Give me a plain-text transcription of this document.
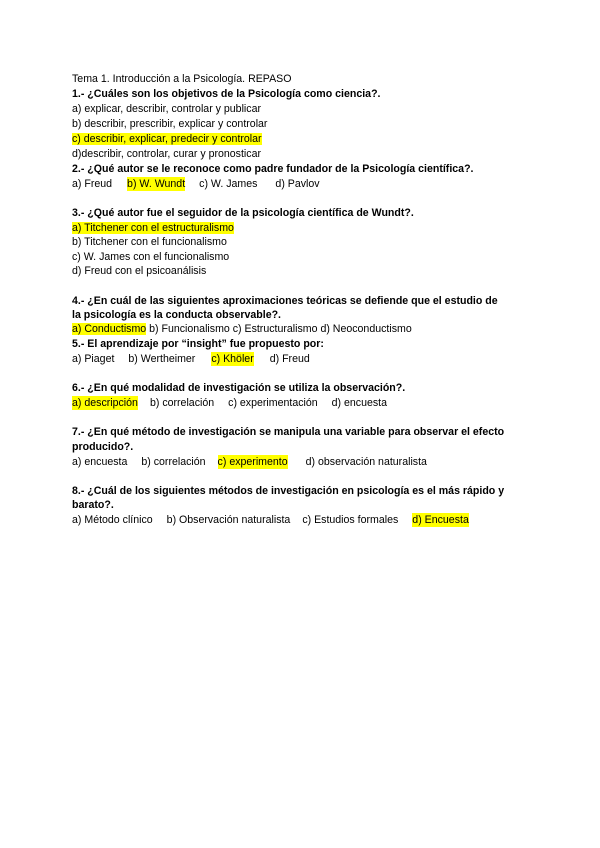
Tema 1. Introducción a la Psicología. REPASO
1.- ¿Cuáles son los objetivos de la Psicología como ciencia?.
a) explicar, describir, controlar y publicar
b) describir, prescribir, explicar y controlar
c) describir, explicar, predecir y controlar
d)describir, controlar, curar y pronosticar
2.- ¿Qué autor se le reconoce como padre fundador de la Psicología científica?.
a) Freud b) W. Wundt c) W. James d) Pavlov
3.- ¿Qué autor fue el seguidor de la psicología científica de Wundt?.
a) Titchener con el estructuralismo
b) Titchener con el funcionalismo
c) W. James con el funcionalismo
d) Freud con el psicoanálisis
4.- ¿En cuál de las siguientes aproximaciones teóricas se defiende que el estudio de
la psicología es la conducta observable?.
a) Conductismo b) Funcionalismo c) Estructuralismo d) Neoconductismo
5.- El aprendizaje por “insight” fue propuesto por:
a) Piaget b) Wertheimer c) Khöler d) Freud
6.- ¿En qué modalidad de investigación se utiliza la observación?.
a) descripción b) correlación c) experimentación d) encuesta
7.- ¿En qué método de investigación se manipula una variable para observar el efecto
producido?.
a) encuesta b) correlación c) experimento d) observación naturalista
8.- ¿Cuál de los siguientes métodos de investigación en psicología es el más rápido y
barato?.
a) Método clínico b) Observación naturalista c) Estudios formales d) Encuesta
